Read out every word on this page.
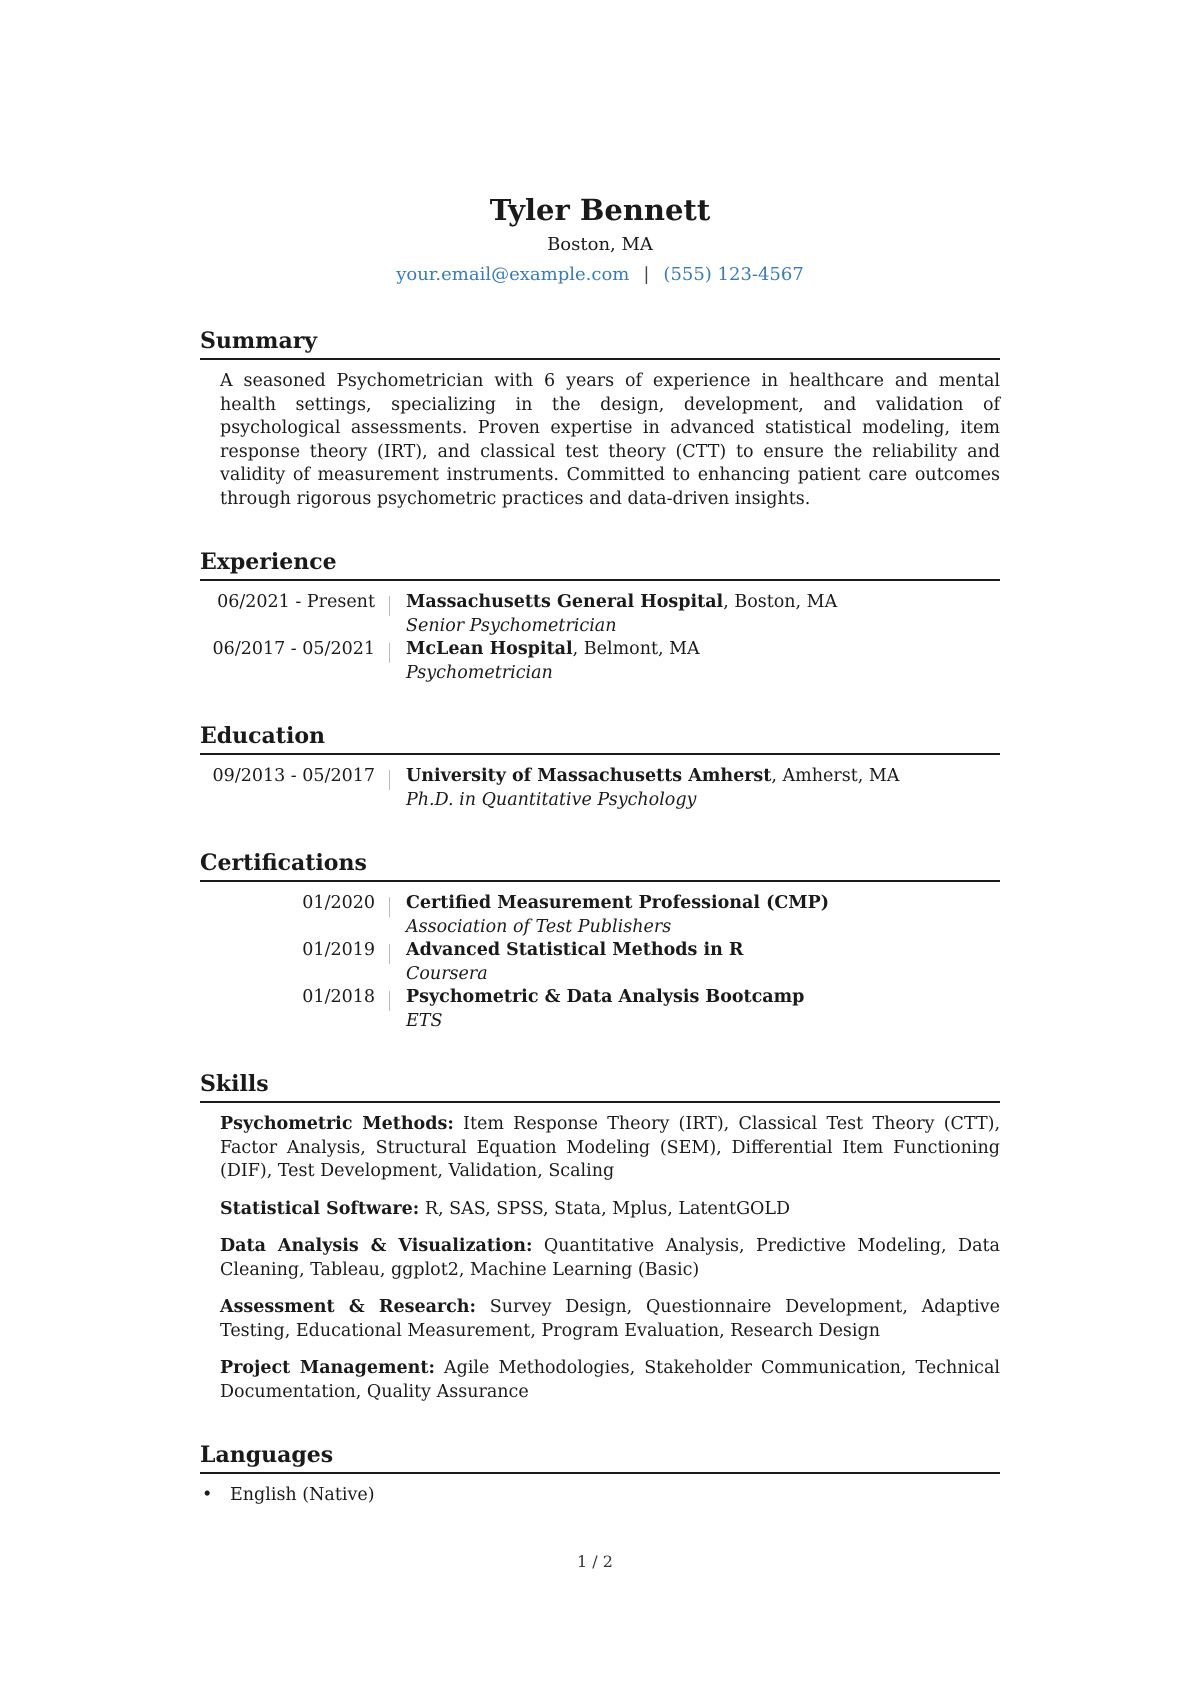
Tyler Bennett
Boston, MA
your.email@example.com | (555) 123-4567
Summary
A seasoned Psychometrician with 6 years of experience in healthcare and mental health settings, specializing in the design, development, and validation of psychological assessments. Proven expertise in advanced statistical modeling, item response theory (IRT), and classical test theory (CTT) to ensure the reliability and validity of measurement instruments. Committed to enhancing patient care outcomes through rigorous psychometric practices and data-driven insights.
Experience
06/2021 - Present	Massachusetts General Hospital, Boston, MA
Senior Psychometrician
06/2017 - 05/2021	McLean Hospital, Belmont, MA
Psychometrician
Education
09/2013 - 05/2017	University of Massachusetts Amherst, Amherst, MA
Ph.D. in Quantitative Psychology
Certifications
01/2020	Certified Measurement Professional (CMP)
Association of Test Publishers
01/2019	Advanced Statistical Methods in R
Coursera
01/2018	Psychometric & Data Analysis Bootcamp
ETS
Skills
Psychometric Methods: Item Response Theory (IRT), Classical Test Theory (CTT), Factor Analysis, Structural Equation Modeling (SEM), Differential Item Functioning (DIF), Test Development, Validation, Scaling
Statistical Software: R, SAS, SPSS, Stata, Mplus, LatentGOLD
Data Analysis & Visualization: Quantitative Analysis, Predictive Modeling, Data Cleaning, Tableau, ggplot2, Machine Learning (Basic)
Assessment & Research: Survey Design, Questionnaire Development, Adaptive Testing, Educational Measurement, Program Evaluation, Research Design
Project Management: Agile Methodologies, Stakeholder Communication, Technical Documentation, Quality Assurance
Languages
• English (Native)
1 / 2
